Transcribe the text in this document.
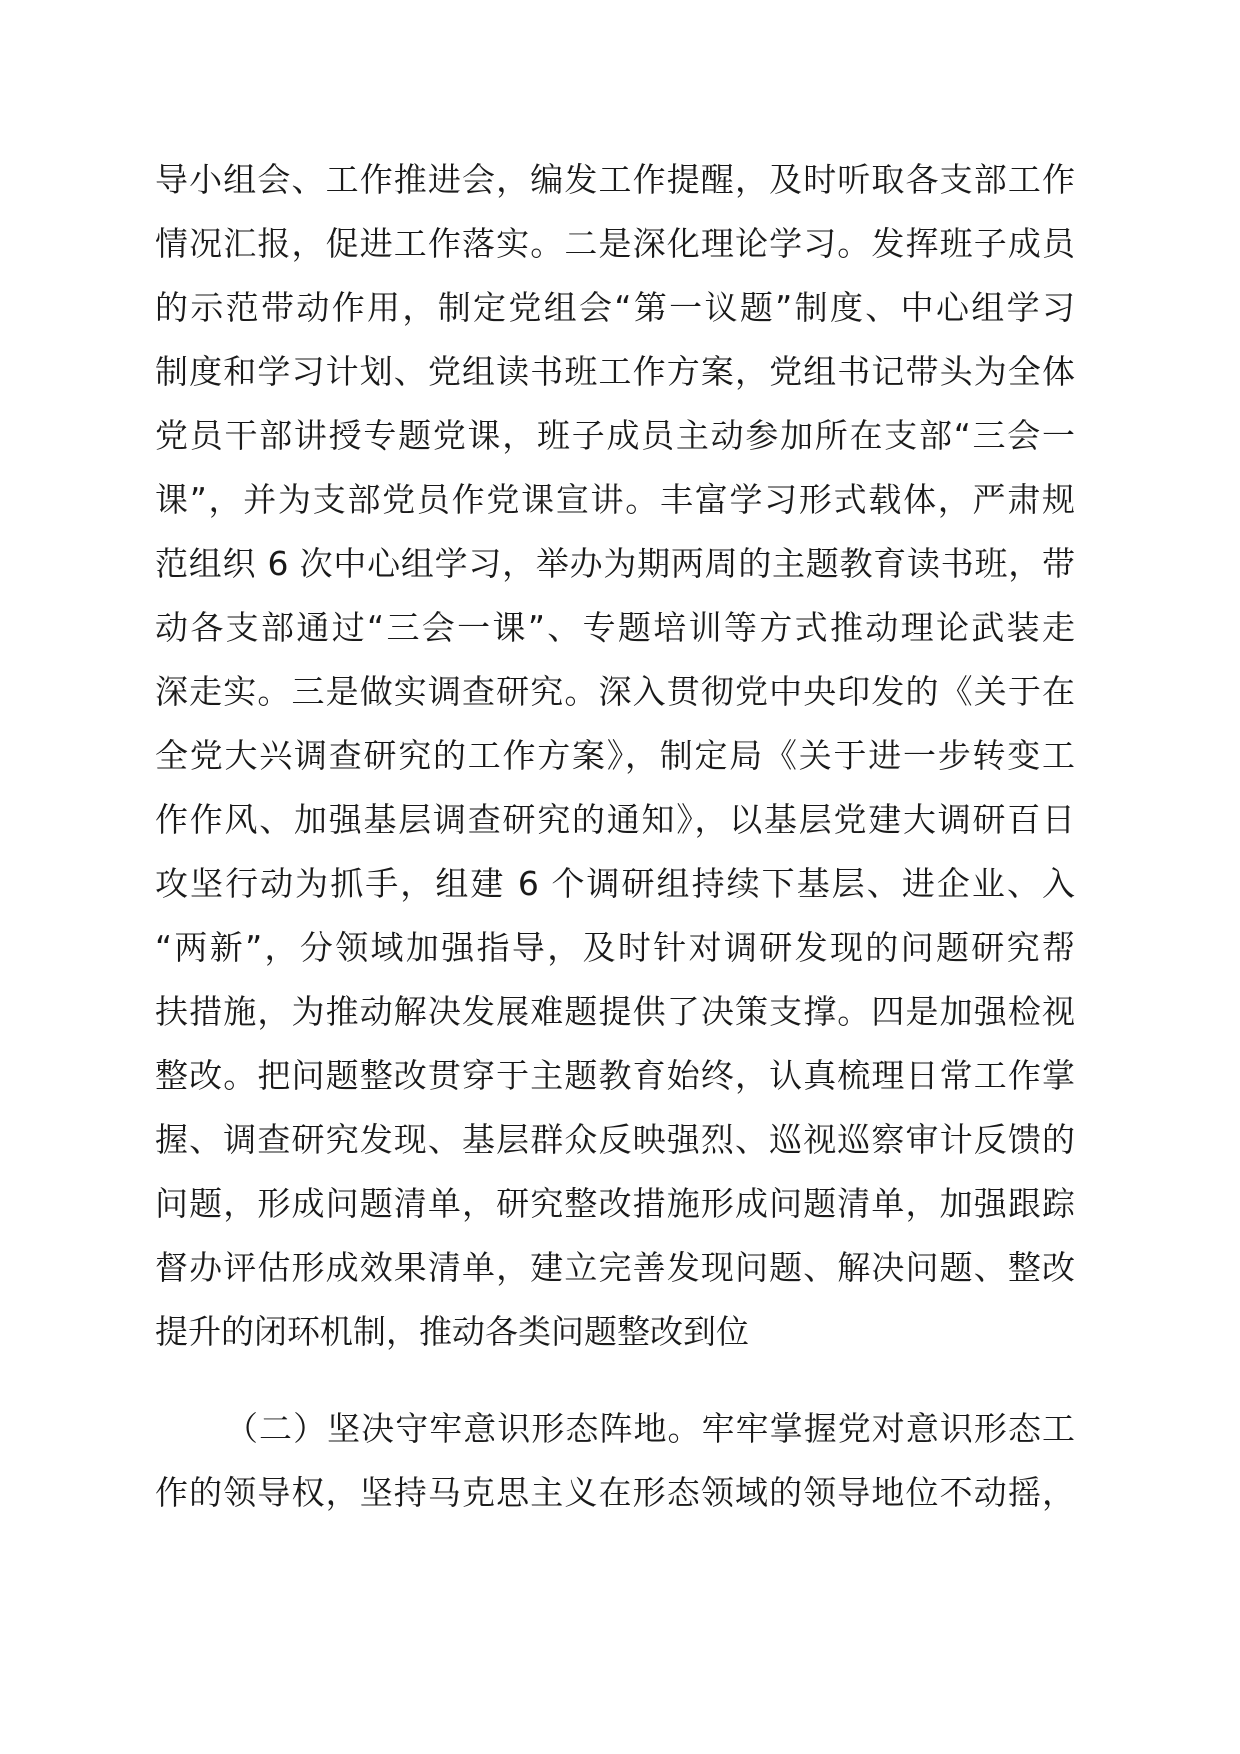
导小组会、工作推进会，编发工作提醒，及时听取各支部工作
情况汇报，促进工作落实。二是深化理论学习。发挥班子成员
的示范带动作用，制定党组会“第一议题”制度、中心组学习
制度和学习计划、党组读书班工作方案，党组书记带头为全体
党员干部讲授专题党课，班子成员主动参加所在支部“三会一
课”，并为支部党员作党课宣讲。丰富学习形式载体，严肃规
范组织 6 次中心组学习，举办为期两周的主题教育读书班，带
动各支部通过“三会一课”、专题培训等方式推动理论武装走
深走实。三是做实调查研究。深入贯彻党中央印发的《关于在
全党大兴调查研究的工作方案》，制定局《关于进一步转变工
作作风、加强基层调查研究的通知》，以基层党建大调研百日
攻坚行动为抓手，组建 6 个调研组持续下基层、进企业、入
“两新”，分领域加强指导，及时针对调研发现的问题研究帮
扶措施，为推动解决发展难题提供了决策支撑。四是加强检视
整改。把问题整改贯穿于主题教育始终，认真梳理日常工作掌
握、调查研究发现、基层群众反映强烈、巡视巡察审计反馈的
问题，形成问题清单，研究整改措施形成问题清单，加强跟踪
督办评估形成效果清单，建立完善发现问题、解决问题、整改
提升的闭环机制，推动各类问题整改到位
（二）坚决守牢意识形态阵地。牢牢掌握党对意识形态工
作的领导权，坚持马克思主义在形态领域的领导地位不动摇，
